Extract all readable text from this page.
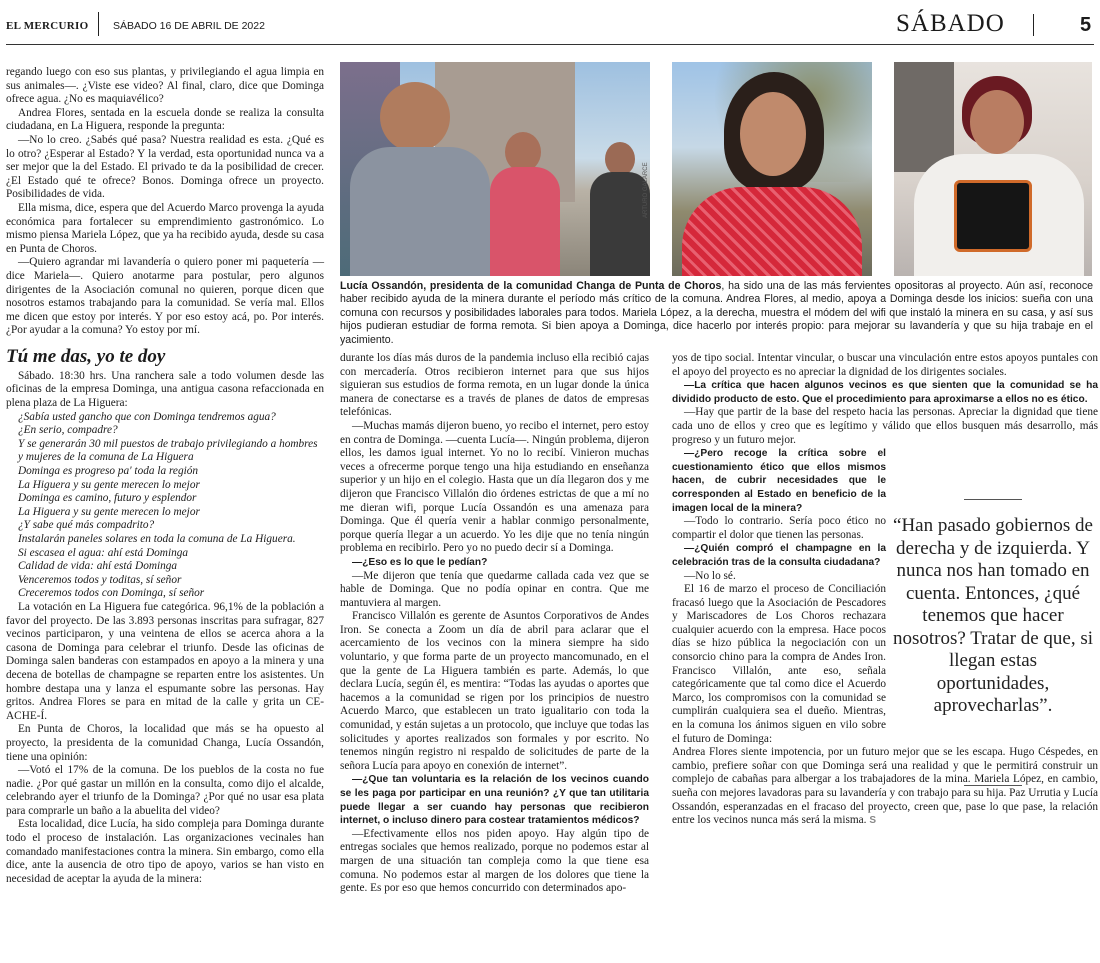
EL MERCURIO SÁBADO 16 DE ABRIL DE 2022	SÁBADO	5

regando luego con eso sus plantas, y privilegiando el agua limpia en sus animales—. ¿Viste ese video? Al final, claro, dice que Dominga ofrece agua. ¿No es maquiavélico?

Andrea Flores, sentada en la escuela donde se realiza la consulta ciudadana, en La Higuera, responde la pregunta:

—No lo creo. ¿Sabés qué pasa? Nuestra realidad es esta. ¿Qué es lo otro? ¿Esperar al Estado? Y la verdad, esta oportunidad nunca va a ser mejor que la del Estado. El privado te da la posibilidad de crecer. ¿El Estado qué te ofrece? Bonos. Dominga ofrece un proyecto. Posibilidades de vida.

Ella misma, dice, espera que del Acuerdo Marco provenga la ayuda económica para fortalecer su emprendimiento gastronómico. Lo mismo piensa Mariela López, que ya ha recibido ayuda, desde su casa en Punta de Choros.

—Quiero agrandar mi lavandería o quiero poner mi paquetería —dice Mariela—. Quiero anotarme para postular, pero algunos dirigentes de la Asociación comunal no quieren, porque dicen que nosotros estamos trabajando para la comunidad. Se vería mal. Ellos me dicen que estoy por interés. Y por eso estoy acá, po. Por interés. ¿Por ayudar a la comuna? Yo estoy por mí.

Tú me das, yo te doy

Sábado. 18:30 hrs. Una ranchera sale a todo volumen desde las oficinas de la empresa Dominga, una antigua casona refaccionada en plena plaza de La Higuera:

¿Sabía usted gancho que con Dominga tendremos agua?

¿En serio, compadre?

Y se generarán 30 mil puestos de trabajo privilegiando a hombres y mujeres de la comuna de La Higuera

Dominga es progreso pa' toda la región

La Higuera y su gente merecen lo mejor

Dominga es camino, futuro y esplendor

La Higuera y su gente merecen lo mejor

¿Y sabe qué más compadrito?

Instalarán paneles solares en toda la comuna de La Higuera.

Si escasea el agua: ahí está Dominga

Calidad de vida: ahí está Dominga

Venceremos todos y toditas, sí señor

Creceremos todos con Dominga, sí señor

La votación en La Higuera fue categórica. 96,1% de la población a favor del proyecto. De las 3.893 personas inscritas para sufragar, 827 vecinos participaron, y una veintena de ellos se acerca ahora a la casona de Dominga para celebrar el triunfo. Desde las oficinas de Dominga salen banderas con estampados en apoyo a la minera y una decena de botellas de champagne se reparten entre los asistentes. Un hombre destapa una y lanza el espumante sobre las personas. Hay gritos. Andrea Flores se para en mitad de la calle y grita un CE-ACHE-Í.

En Punta de Choros, la localidad que más se ha opuesto al proyecto, la presidenta de la comunidad Changa, Lucía Ossandón, tiene una opinión:

—Votó el 17% de la comuna. De los pueblos de la costa no fue nadie. ¿Por qué gastar un millón en la consulta, como dijo el alcalde, celebrando ayer el triunfo de la Dominga? ¿Por qué no usar esa plata para comprarle un baño a la abuelita del video?

Esta localidad, dice Lucía, ha sido compleja para Dominga durante todo el proceso de instalación. Las organizaciones vecinales han comandado manifestaciones contra la minera. Sin embargo, como ella dice, ante la ausencia de otro tipo de apoyo, varios se han visto en necesidad de aceptar la ayuda de la minera:

ARTURO GALARCE
Lucía Ossandón, presidenta de la comunidad Changa de Punta de Choros, ha sido una de las más fervientes opositoras al proyecto. Aún así, reconoce haber recibido ayuda de la minera durante el período más crítico de la comuna. Andrea Flores, al medio, apoya a Dominga desde los inicios: sueña con una comuna con recursos y posibilidades laborales para todos. Mariela López, a la derecha, muestra el módem del wifi que instaló la minera en su casa, y así sus hijos pudieran estudiar de forma remota. Si bien apoya a Dominga, dice hacerlo por interés propio: para mejorar su lavandería y que su hija trabaje en el yacimiento.

durante los días más duros de la pandemia incluso ella recibió cajas con mercadería. Otros recibieron internet para que sus hijos siguieran sus estudios de forma remota, en un lugar donde la única manera de conectarse es a través de planes de datos de empresas telefónicas.

—Muchas mamás dijeron bueno, yo recibo el internet, pero estoy en contra de Dominga. —cuenta Lucía—. Ningún problema, dijeron ellos, les damos igual internet. Yo no lo recibí. Vinieron muchas veces a ofrecerme porque tengo una hija estudiando en enseñanza superior y un hijo en el colegio. Hasta que un día llegaron dos y me dijeron que Francisco Villalón dio órdenes estrictas de que a mí no me dieran wifi, porque Lucía Ossandón es una amenaza para Dominga. Que él quería venir a hablar conmigo personalmente, porque quería llegar a un acuerdo. Yo les dije que no tenía ningún problema en recibirlo. Pero yo no puedo decir sí a Dominga.

—¿Eso es lo que le pedían?

—Me dijeron que tenía que quedarme callada cada vez que se hable de Dominga. Que no podía opinar en contra. Que me mantuviera al margen.

Francisco Villalón es gerente de Asuntos Corporativos de Andes Iron. Se conecta a Zoom un día de abril para aclarar que el acercamiento de los vecinos con la minera siempre ha sido voluntario, y que forma parte de un proyecto mancomunado, en el que la gente de La Higuera también es parte. Además, lo que declara Lucía, según él, es mentira: “Todas las ayudas o aportes que hacemos a la comunidad se rigen por los principios de nuestro Acuerdo Marco, que establecen un trato igualitario con toda la comunidad, y están sujetas a un protocolo, que incluye que todas las solicitudes y aportes realizados son formales y por escrito. No tenemos ningún registro ni respaldo de solicitudes de parte de la señora Lucía para apoyo en conexión de internet”.

—¿Que tan voluntaria es la relación de los vecinos cuando se les paga por participar en una reunión? ¿Y que tan utilitaria puede llegar a ser cuando hay personas que recibieron internet, o incluso dinero para costear tratamientos médicos?

—Efectivamente ellos nos piden apoyo. Hay algún tipo de entregas sociales que hemos realizado, porque no podemos estar al margen de una situación tan compleja como la que tiene esa comuna. No podemos estar al margen de los dolores que tiene la gente. Es por eso que hemos concurrido con determinados apo-

yos de tipo social. Intentar vincular, o buscar una vinculación entre estos apoyos puntales con el apoyo del proyecto es no apreciar la dignidad de los dirigentes sociales.

—La crítica que hacen algunos vecinos es que sienten que la comunidad se ha dividido producto de esto. Que el procedimiento para aproximarse a ellos no es ético.

—Hay que partir de la base del respeto hacia las personas. Apreciar la dignidad que tiene cada uno de ellos y creo que es legítimo y válido que ellos busquen más desarrollo, más progreso y un futuro mejor.

—¿Pero recoge la crítica sobre el cuestionamiento ético que ellos mismos hacen, de cubrir necesidades que le corresponden al Estado en beneficio de la imagen local de la minera?

—Todo lo contrario. Sería poco ético no compartir el dolor que tienen las personas.

—¿Quién compró el champagne en la celebración tras de la consulta ciudadana?

—No lo sé.

El 16 de marzo el proceso de Conciliación fracasó luego que la Asociación de Pescadores y Mariscadores de Los Choros rechazara cualquier acuerdo con la empresa. Hace pocos días se hizo pública la negociación con un consorcio chino para la compra de Andes Iron. Francisco Villalón, ante eso, señala categóricamente que tal como dice el Acuerdo Marco, los compromisos con la comunidad se cumplirán cualquiera sea el dueño. Mientras, en la comuna los ánimos siguen en vilo sobre el futuro de Dominga:

Andrea Flores siente impotencia, por un futuro mejor que se les escapa. Hugo Céspedes, en cambio, prefiere soñar con que Dominga será una realidad y que le permitirá construir un complejo de cabañas para albergar a los trabajadores de la mina. Mariela López, en cambio, sueña con mejores lavadoras para su lavandería y con trabajo para su hija. Paz Urrutia y Lucía Ossandón, esperanzadas en el fracaso del proyecto, creen que, pase lo que pase, la relación entre los vecinos nunca más será la misma. S

“Han pasado gobiernos de derecha y de izquierda. Y nunca nos han tomado en cuenta. Entonces, ¿qué tenemos que hacer nosotros? Tratar de que, si llegan estas oportunidades, aprovecharlas”.
